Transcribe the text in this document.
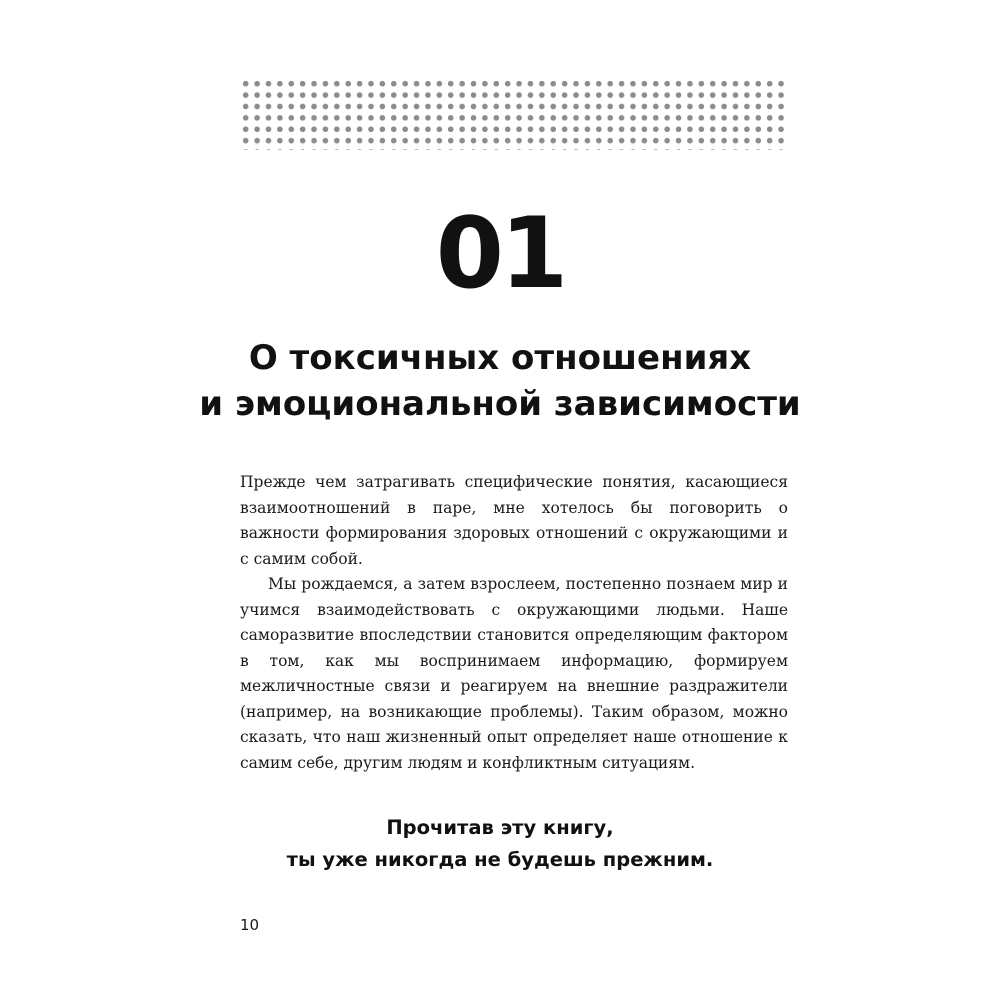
01
О токсичных отношениях
и эмоциональной зависимости

Прежде чем затрагивать специфические понятия, касающиеся взаимоотношений в паре, мне хотелось бы поговорить о важности формирования здоровых отношений с окружающими и с самим собой.

Мы рождаемся, а затем взрослеем, постепенно познаем мир и учимся взаимодействовать с окружающими людьми. Наше саморазвитие впоследствии становится определяющим фактором в том, как мы воспринимаем информацию, формируем межличностные связи и реагируем на внешние раздражители (например, на возникающие проблемы). Таким образом, можно сказать, что наш жизненный опыт определяет наше отношение к самим себе, другим людям и конфликтным ситуациям.

Прочитав эту книгу,
ты уже никогда не будешь прежним.
10
